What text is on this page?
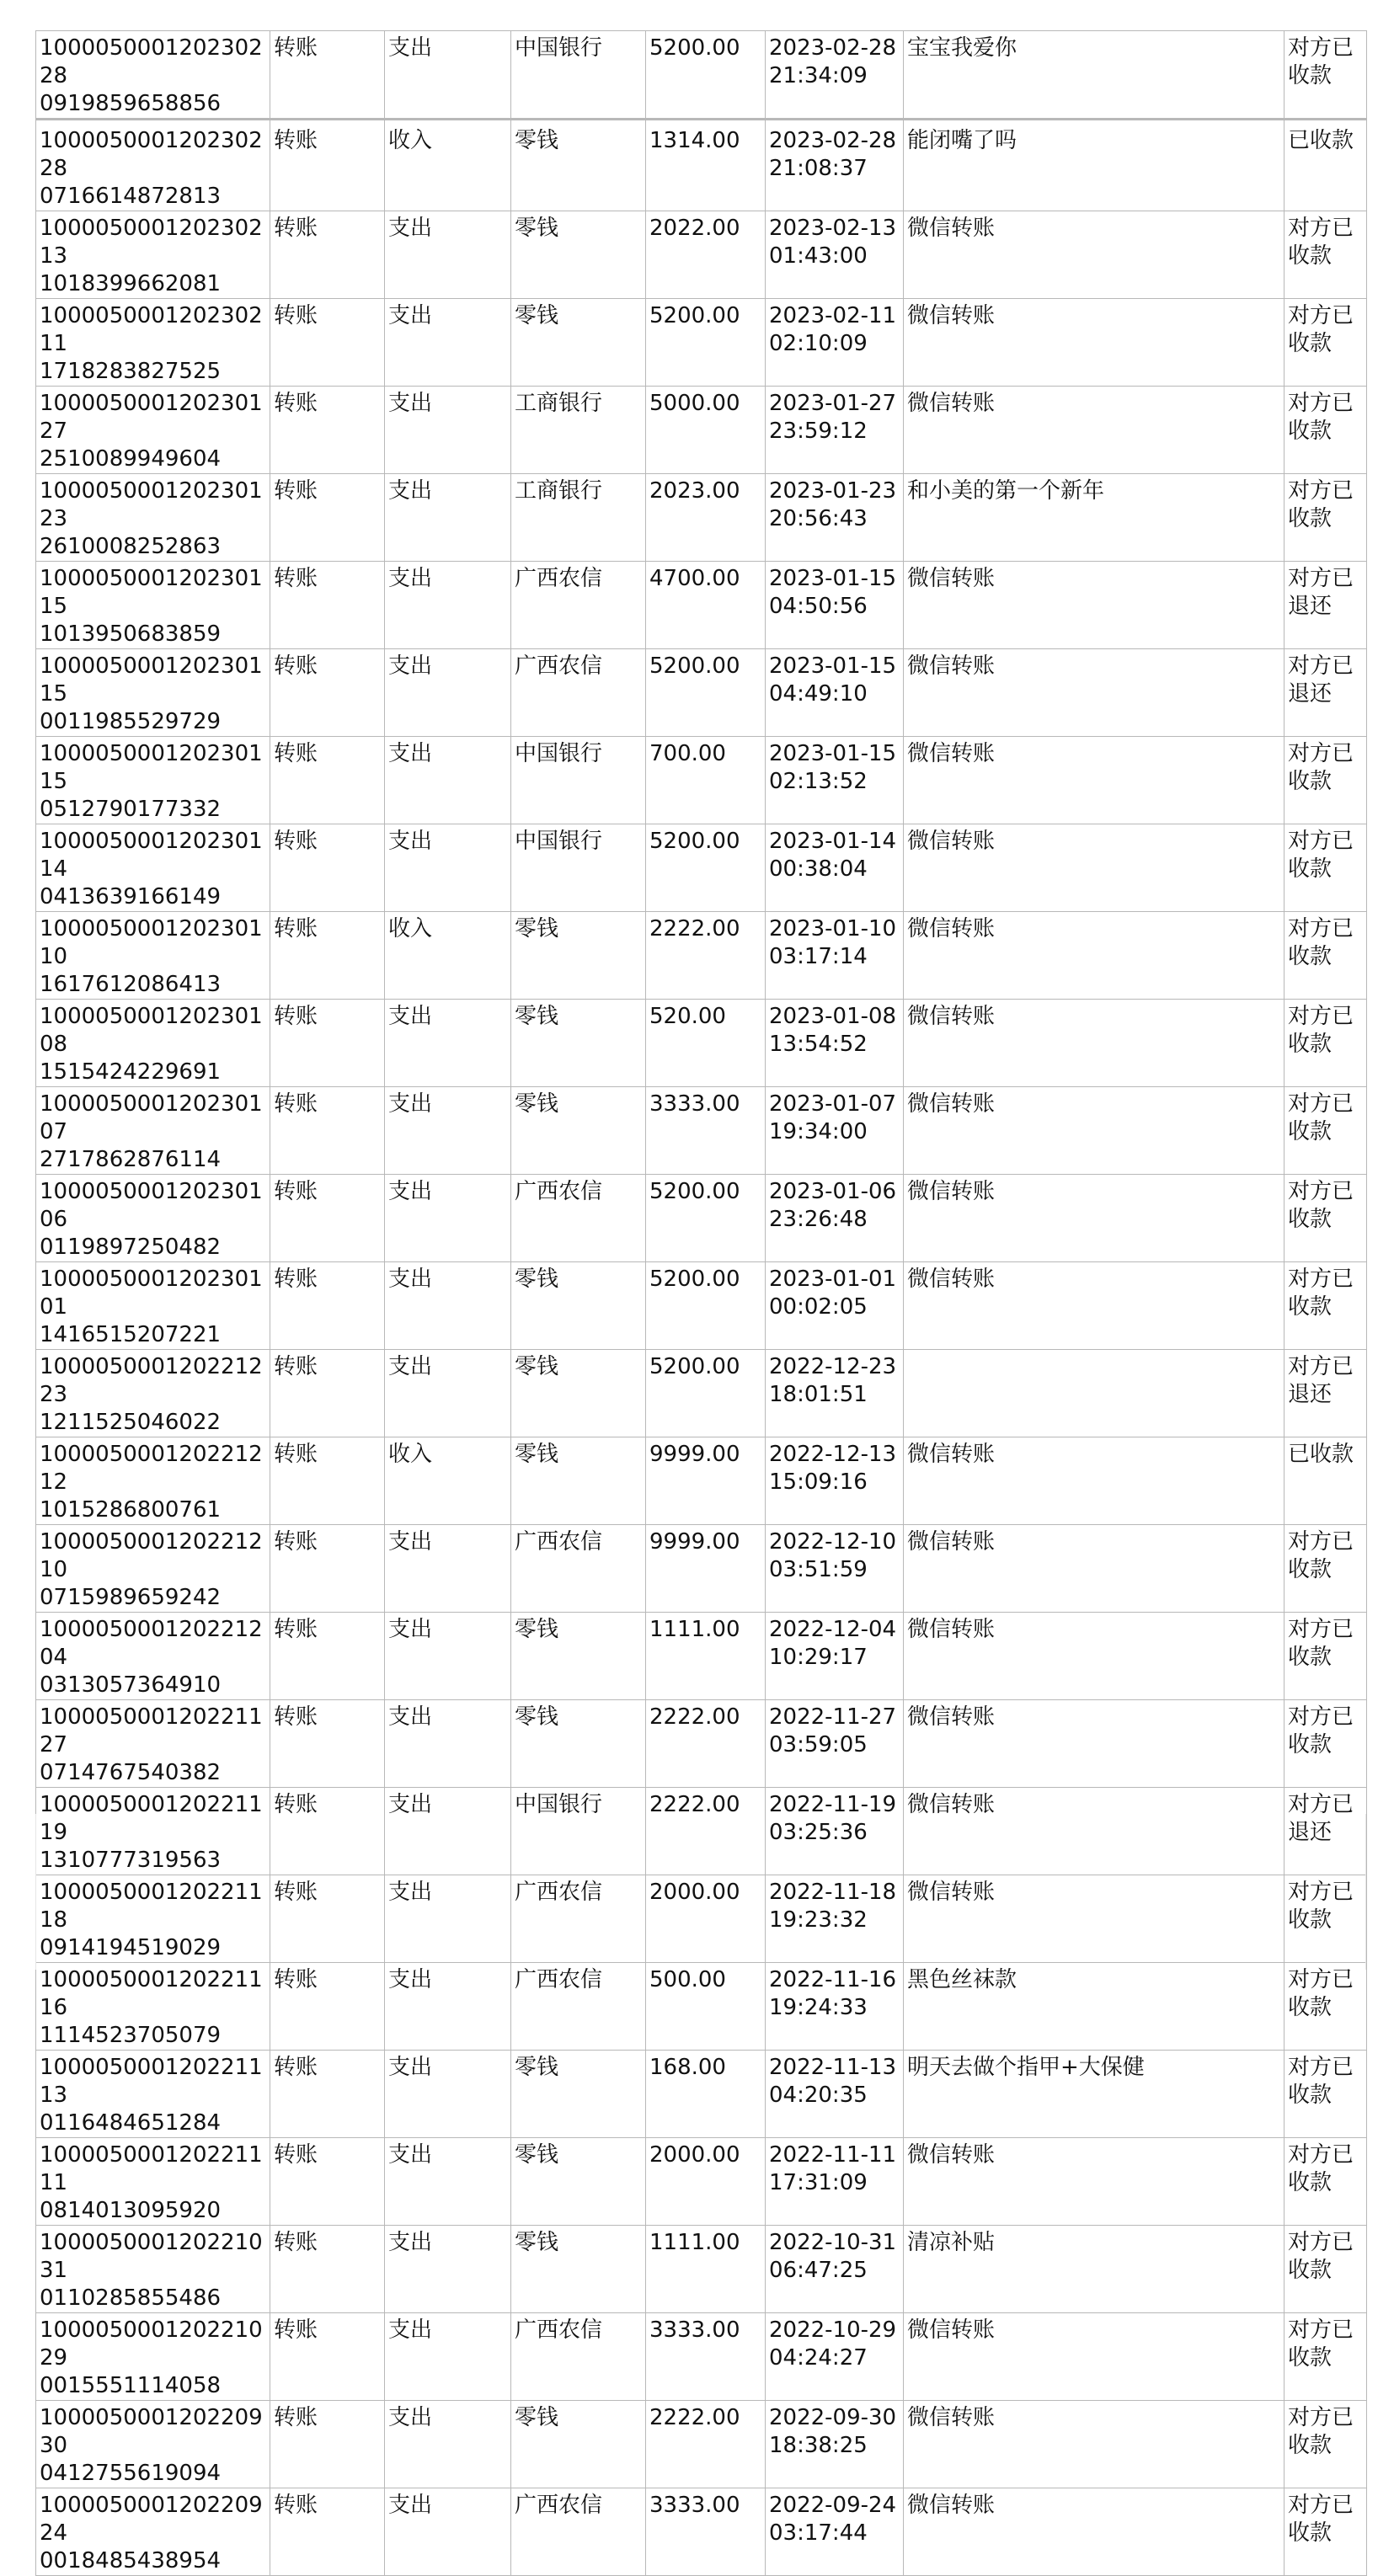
100005000120230228
0919859658856	转账	支出	中国银行	5200.00	2023-02-28
21:34:09	宝宝我爱你	对方已收款

100005000120230228
0716614872813	转账	收入	零钱	1314.00	2023-02-28
21:08:37	能闭嘴了吗	已收款

100005000120230213
1018399662081	转账	支出	零钱	2022.00	2023-02-13
01:43:00	微信转账	对方已收款

100005000120230211
1718283827525	转账	支出	零钱	5200.00	2023-02-11
02:10:09	微信转账	对方已收款

100005000120230127
2510089949604	转账	支出	工商银行	5000.00	2023-01-27
23:59:12	微信转账	对方已收款

100005000120230123
2610008252863	转账	支出	工商银行	2023.00	2023-01-23
20:56:43	和小美的第一个新年	对方已收款

100005000120230115
1013950683859	转账	支出	广西农信	4700.00	2023-01-15
04:50:56	微信转账	对方已退还

100005000120230115
0011985529729	转账	支出	广西农信	5200.00	2023-01-15
04:49:10	微信转账	对方已退还

100005000120230115
0512790177332	转账	支出	中国银行	700.00	2023-01-15
02:13:52	微信转账	对方已收款

100005000120230114
0413639166149	转账	支出	中国银行	5200.00	2023-01-14
00:38:04	微信转账	对方已收款

100005000120230110
1617612086413	转账	收入	零钱	2222.00	2023-01-10
03:17:14	微信转账	对方已收款

100005000120230108
1515424229691	转账	支出	零钱	520.00	2023-01-08
13:54:52	微信转账	对方已收款

100005000120230107
2717862876114	转账	支出	零钱	3333.00	2023-01-07
19:34:00	微信转账	对方已收款

100005000120230106
0119897250482	转账	支出	广西农信	5200.00	2023-01-06
23:26:48	微信转账	对方已收款

100005000120230101
1416515207221	转账	支出	零钱	5200.00	2023-01-01
00:02:05	微信转账	对方已收款

100005000120221223
1211525046022	转账	支出	零钱	5200.00	2022-12-23
18:01:51		对方已退还

100005000120221212
1015286800761	转账	收入	零钱	9999.00	2022-12-13
15:09:16	微信转账	已收款

100005000120221210
0715989659242	转账	支出	广西农信	9999.00	2022-12-10
03:51:59	微信转账	对方已收款

100005000120221204
0313057364910	转账	支出	零钱	1111.00	2022-12-04
10:29:17	微信转账	对方已收款

100005000120221127
0714767540382	转账	支出	零钱	2222.00	2022-11-27
03:59:05	微信转账	对方已收款

100005000120221119
1310777319563	转账	支出	中国银行	2222.00	2022-11-19
03:25:36	微信转账	对方已退还

100005000120221118
0914194519029	转账	支出	广西农信	2000.00	2022-11-18
19:23:32	微信转账	对方已收款

100005000120221116
1114523705079	转账	支出	广西农信	500.00	2022-11-16
19:24:33	黑色丝袜款	对方已收款

100005000120221113
0116484651284	转账	支出	零钱	168.00	2022-11-13
04:20:35	明天去做个指甲+大保健	对方已收款

100005000120221111
0814013095920	转账	支出	零钱	2000.00	2022-11-11
17:31:09	微信转账	对方已收款

100005000120221031
0110285855486	转账	支出	零钱	1111.00	2022-10-31
06:47:25	清凉补贴	对方已收款

100005000120221029
0015551114058	转账	支出	广西农信	3333.00	2022-10-29
04:24:27	微信转账	对方已收款

100005000120220930
0412755619094	转账	支出	零钱	2222.00	2022-09-30
18:38:25	微信转账	对方已收款

100005000120220924
0018485438954	转账	支出	广西农信	3333.00	2022-09-24
03:17:44	微信转账	对方已收款
